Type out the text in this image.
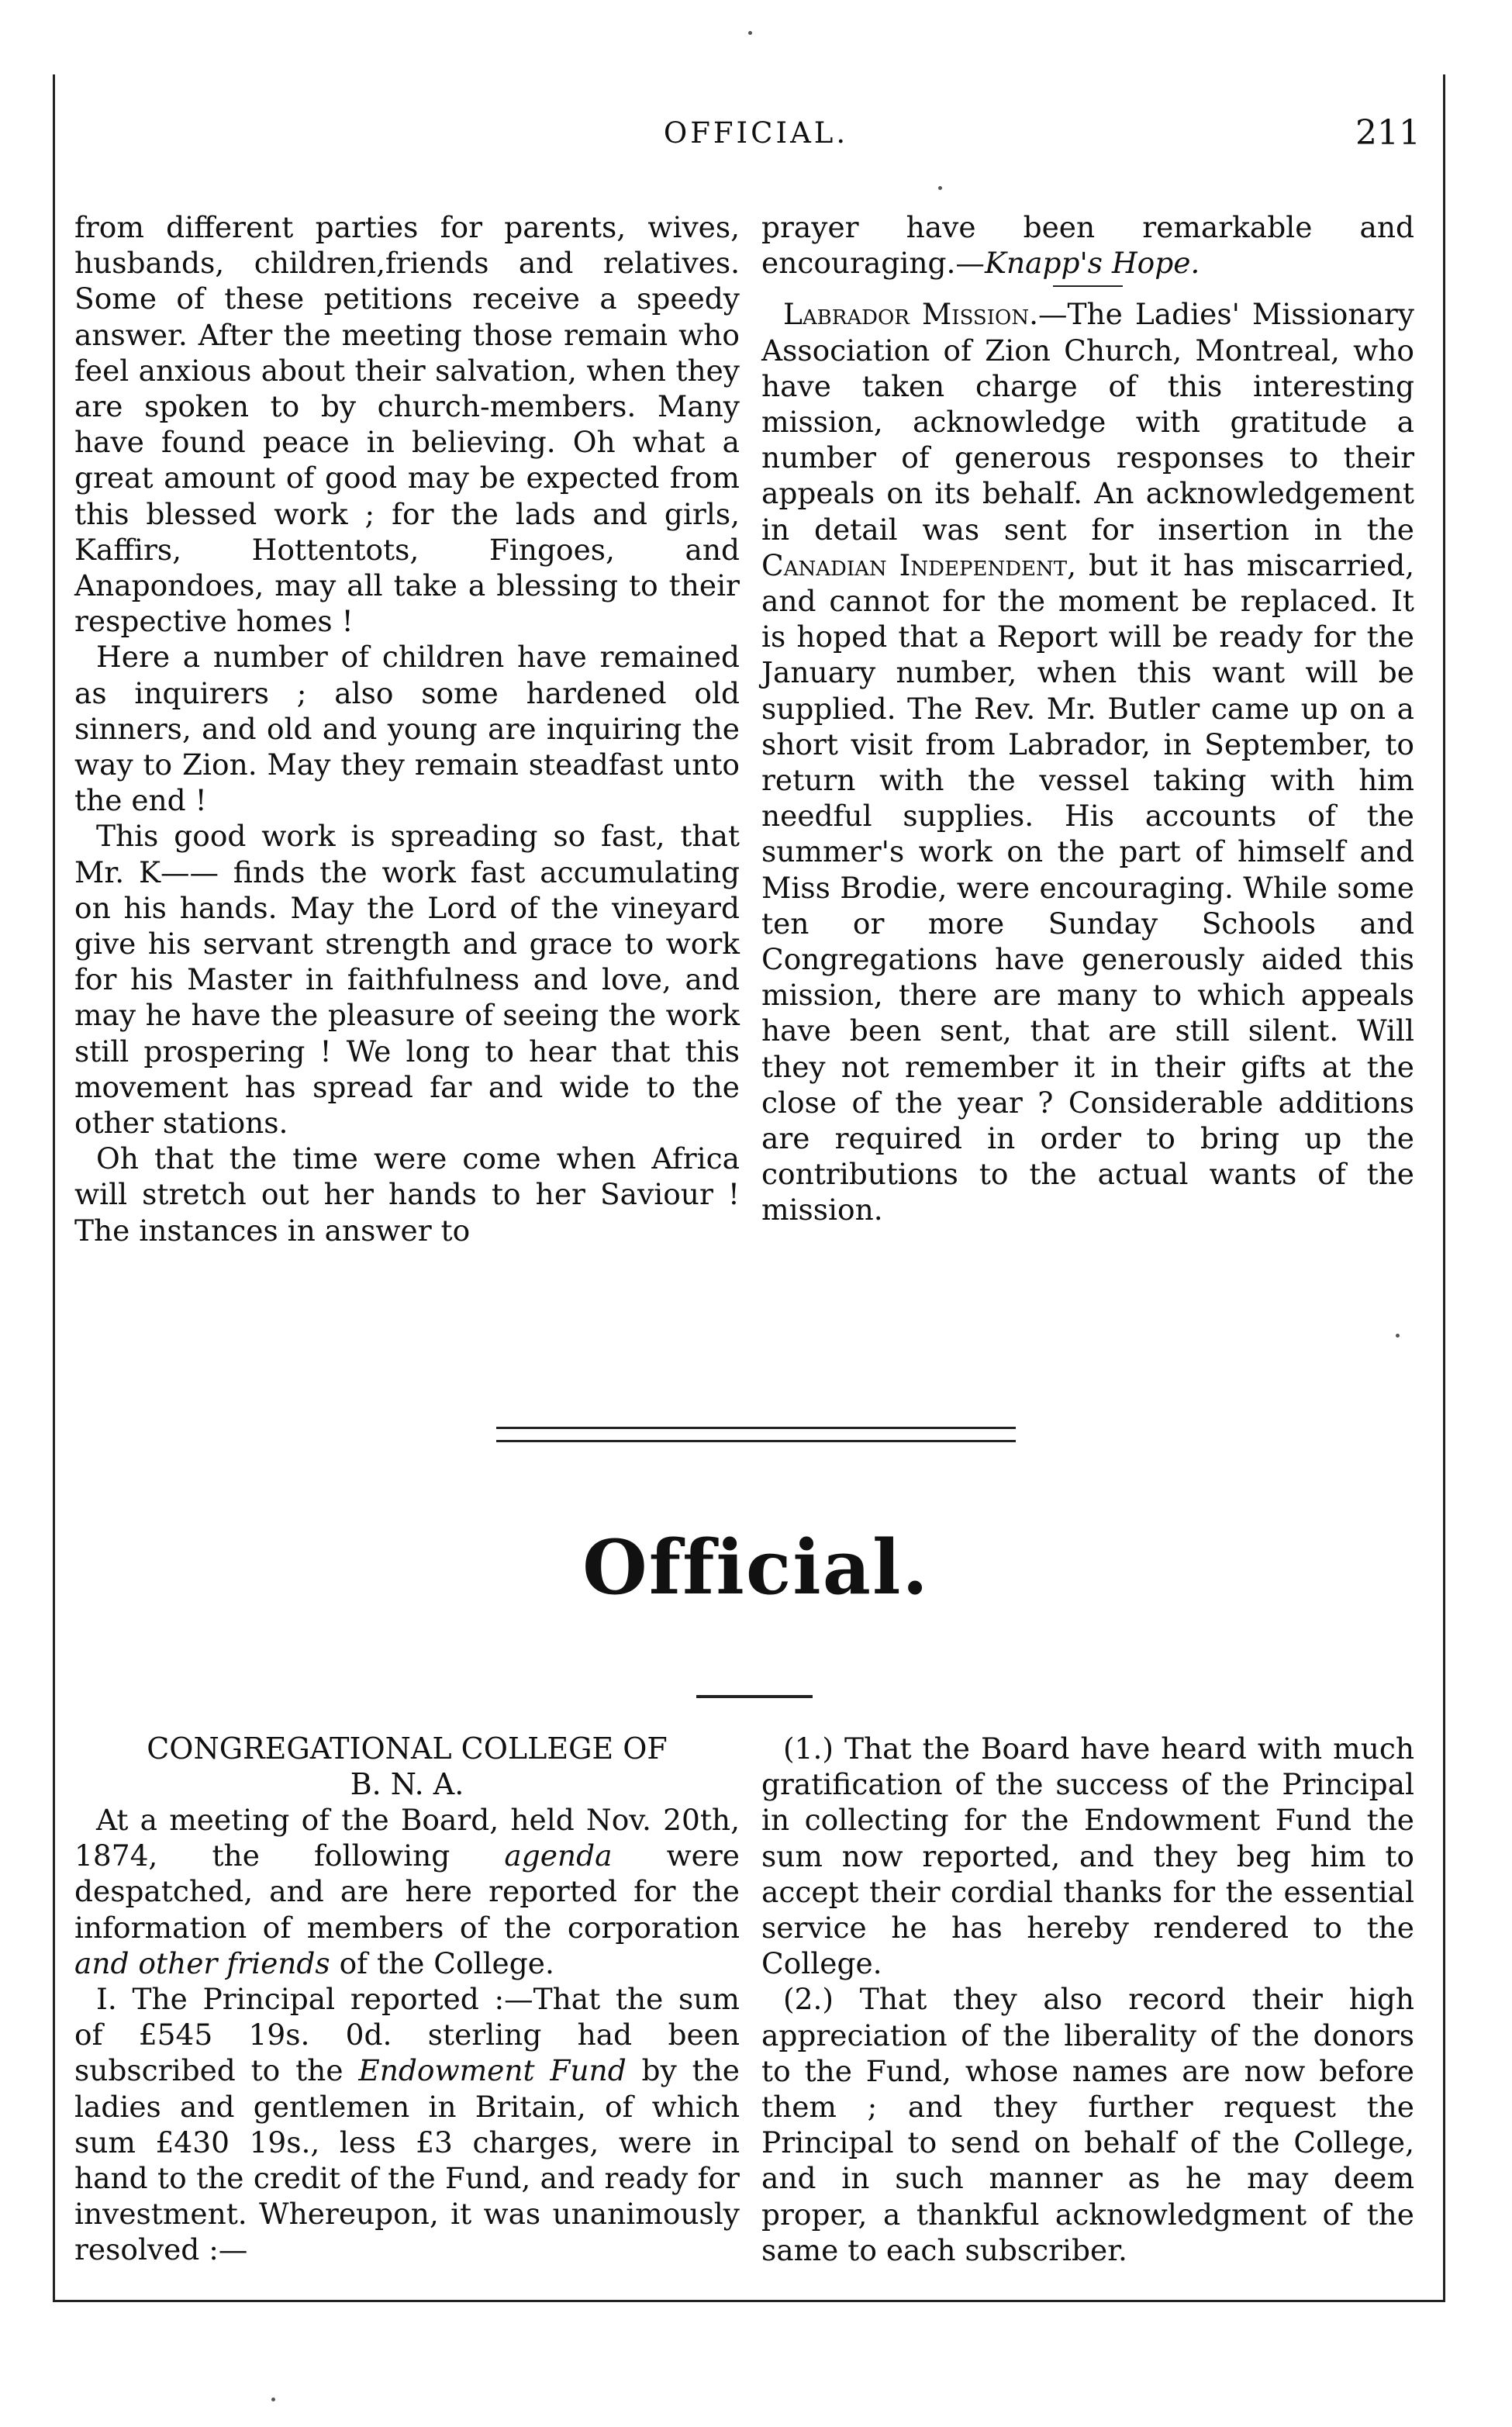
OFFICIAL.	211

from different parties for parents, wives, husbands, children,friends and relatives. Some of these petitions receive a speedy answer. After the meeting those remain who feel anxious about their salvation, when they are spoken to by church-members. Many have found peace in believing. Oh what a great amount of good may be expected from this blessed work ; for the lads and girls, Kaffirs, Hottentots, Fingoes, and Anapondoes, may all take a blessing to their respective homes !

Here a number of children have remained as inquirers ; also some hardened old sinners, and old and young are inquiring the way to Zion. May they remain steadfast unto the end !

This good work is spreading so fast, that Mr. K—— finds the work fast accumulating on his hands. May the Lord of the vineyard give his servant strength and grace to work for his Master in faithfulness and love, and may he have the pleasure of seeing the work still prospering ! We long to hear that this movement has spread far and wide to the other stations.

Oh that the time were come when Africa will stretch out her hands to her Saviour ! The instances in answer to

prayer have been remarkable and encouraging.—Knapp's Hope.

Labrador Mission.—The Ladies' Missionary Association of Zion Church, Montreal, who have taken charge of this interesting mission, acknowledge with gratitude a number of generous responses to their appeals on its behalf. An acknowledgement in detail was sent for insertion in the Canadian Independent, but it has miscarried, and cannot for the moment be replaced. It is hoped that a Report will be ready for the January number, when this want will be supplied. The Rev. Mr. Butler came up on a short visit from Labrador, in September, to return with the vessel taking with him needful supplies. His accounts of the summer's work on the part of himself and Miss Brodie, were encouraging. While some ten or more Sunday Schools and Congregations have generously aided this mission, there are many to which appeals have been sent, that are still silent. Will they not remember it in their gifts at the close of the year ? Considerable additions are required in order to bring up the contributions to the actual wants of the mission.

Official.
CONGREGATIONAL COLLEGE OF
B. N. A.

At a meeting of the Board, held Nov. 20th, 1874, the following agenda were despatched, and are here reported for the information of members of the corporation and other friends of the College.

I. The Principal reported :—That the sum of £545 19s. 0d. sterling had been subscribed to the Endowment Fund by the ladies and gentlemen in Britain, of which sum £430 19s., less £3 charges, were in hand to the credit of the Fund, and ready for investment. Whereupon, it was unanimously resolved :—

(1.) That the Board have heard with much gratification of the success of the Principal in collecting for the Endowment Fund the sum now reported, and they beg him to accept their cordial thanks for the essential service he has hereby rendered to the College.

(2.) That they also record their high appreciation of the liberality of the donors to the Fund, whose names are now before them ; and they further request the Principal to send on behalf of the College, and in such manner as he may deem proper, a thankful acknowledgment of the same to each subscriber.
